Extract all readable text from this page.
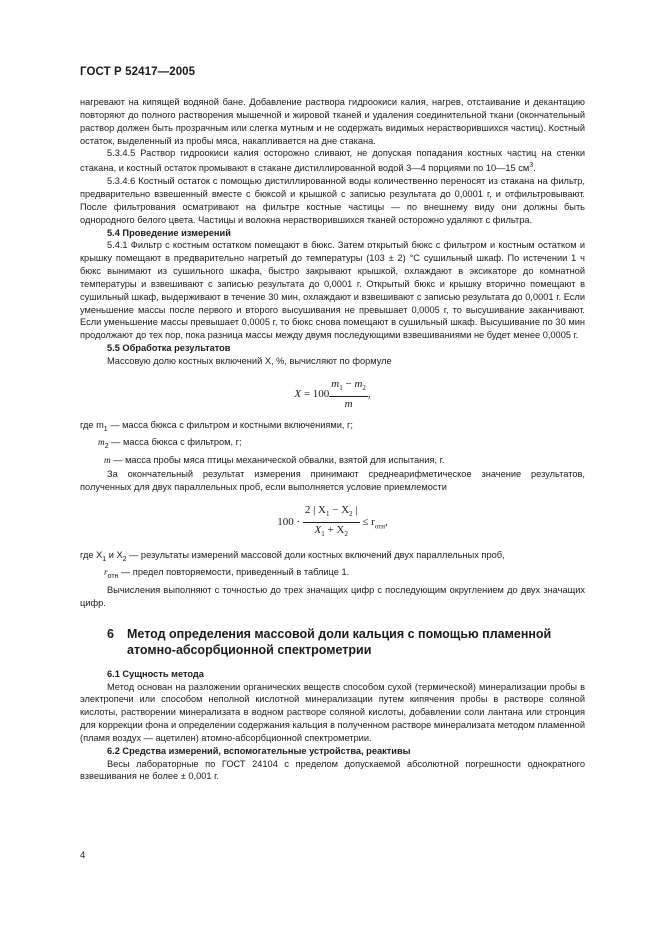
ГОСТ Р 52417—2005

нагревают на кипящей водяной бане. Добавление раствора гидроокиси калия, нагрев, отстаивание и декантацию повторяют до полного растворения мышечной и жировой тканей и удаления соединительной ткани (окончательный раствор должен быть прозрачным или слегка мутным и не содержать видимых нерастворившихся частиц). Костный остаток, выделенный из пробы мяса, накапливается на дне стакана.

5.3.4.5 Раствор гидроокиси калия осторожно сливают, не допуская попадания костных частиц на стенки стакана, и костный остаток промывают в стакане дистиллированной водой 3—4 порциями по 10—15 $см^3$.

5.3.4.6 Костный остаток с помощью дистиллированной воды количественно переносят из стакана на фильтр, предварительно взвешенный вместе с бюксой и крышкой с записью результата до 0,0001 г, и отфильтровывают. После фильтрования осматривают на фильтре костные частицы — по внешнему виду они должны быть однородного белого цвета. Частицы и волокна нерастворившихся тканей осторожно удаляют с фильтра.

5.4 Проведение измерений

5.4.1 Фильтр с костным остатком помещают в бюкс. Затем открытый бюкс с фильтром и костным остатком и крышку помещают в предварительно нагретый до температуры (103 ± 2) °С сушильный шкаф. По истечении 1 ч бюкс вынимают из сушильного шкафа, быстро закрывают крышкой, охлаждают в эксикаторе до комнатной температуры и взвешивают с записью результата до 0,0001 г. Открытый бюкс и крышку вторично помещают в сушильный шкаф, выдерживают в течение 30 мин, охлаждают и взвешивают с записью результата до 0,0001 г. Если уменьшение массы после первого и второго высушивания не превышает 0,0005 г, то высушивание заканчивают. Если уменьшение массы превышает 0,0005 г, то бюкс снова помещают в сушильный шкаф. Высушивание по 30 мин продолжают до тех пор, пока разница массы между двумя последующими взвешиваниями не будет менее 0,0005 г.

5.5 Обработка результатов

Массовую долю костных включений X, %, вычисляют по формуле

$X = 100 \frac{m_1 - m_2}{m}$ ,

где $m_1$ — масса бюкса с фильтром и костными включениями, г;

$m_2$ — масса бюкса с фильтром, г;

m — масса пробы мяса птицы механической обвалки, взятой для испытания, г.

За окончательный результат измерения принимают среднеарифметическое значение результатов, полученных для двух параллельных проб, если выполняется условие приемлемости

$100 \cdot \frac{2 | X_1 - X_2 |}{X_1 + X_2} \le r_{отн}$,

где $X_1$ и $X_2$ — результаты измерений массовой доли костных включений двух параллельных проб,

$r_{отн}$ — предел повторяемости, приведенный в таблице 1.

Вычисления выполняют с точностью до трех значащих цифр с последующим округлением до двух значащих цифр.

6 Метод определения массовой доли кальция с помощью пламенной
атомно-абсорбционной спектрометрии

6.1 Сущность метода

Метод основан на разложении органических веществ способом сухой (термической) минерализации пробы в электропечи или способом неполной кислотной минерализации путем кипячения пробы в растворе соляной кислоты, растворении минерализата в водном растворе соляной кислоты, добавлении соли лантана или стронция для коррекции фона и определении содержания кальция в полученном растворе минерализата методом пламенной (пламя воздух — ацетилен) атомно-абсорбционной спектрометрии.

6.2 Средства измерений, вспомогательные устройства, реактивы

Весы лабораторные по ГОСТ 24104 с пределом допускаемой абсолютной погрешности однократного взвешивания не более ± 0,001 г.

4
